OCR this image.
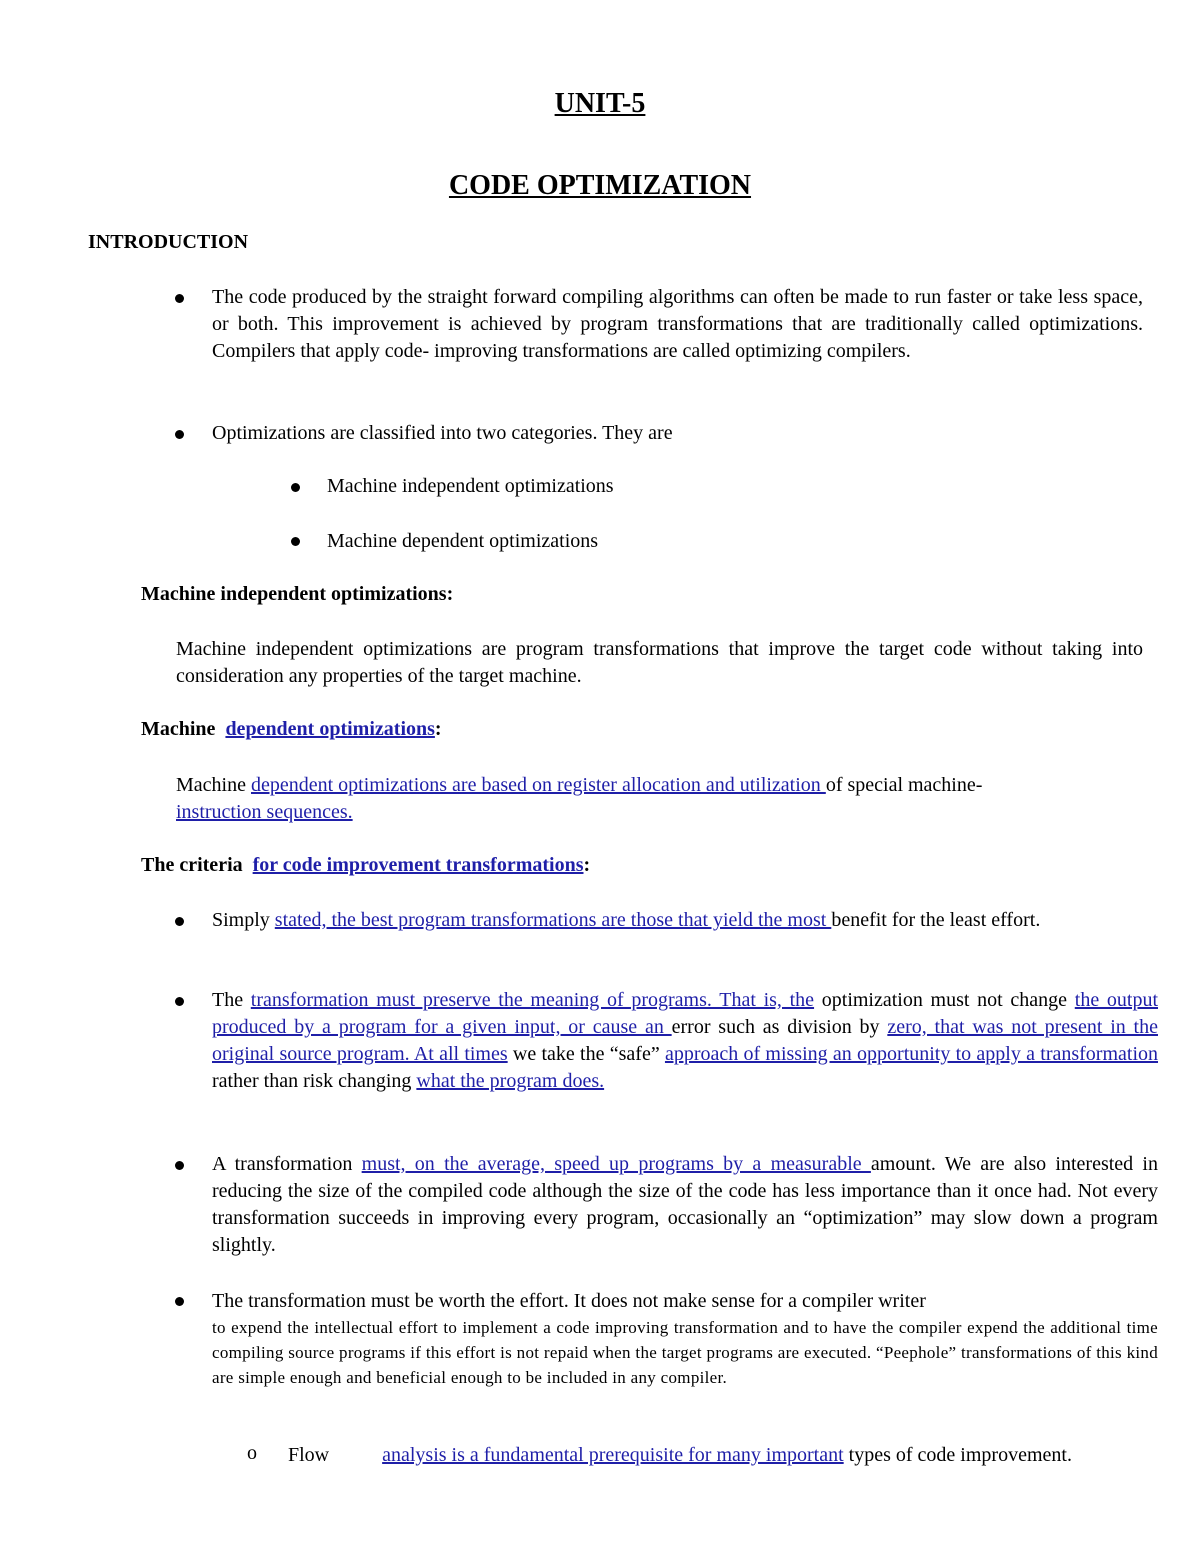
UNIT-5
CODE OPTIMIZATION
INTRODUCTION
The code produced by the straight forward compiling algorithms can often be made to run faster or take less space, or both. This improvement is achieved by program transformations that are traditionally called optimizations. Compilers that apply code- improving transformations are called optimizing compilers.
Optimizations are classified into two categories. They are
Machine independent optimizations
Machine dependent optimizations
Machine independent optimizations:
Machine independent optimizations are program transformations that improve the target code without taking into consideration any properties of the target machine.
Machine  dependent optimizations:
Machine dependent optimizations are based on register allocation and utilization of special machine-
instruction sequences.
The criteria  for code improvement transformations:
Simply stated, the best program transformations are those that yield the most benefit for the least effort.
The transformation must preserve the meaning of programs. That is, the optimization must not change the output produced by a program for a given input, or cause an error such as division by zero, that was not present in the original source program. At all times we take the “safe” approach of missing an opportunity to apply a transformation rather than risk changing what the program does.
A transformation must, on the average, speed up programs by a measurable amount. We are also interested in reducing the size of the compiled code although the size of the code has less importance than it once had. Not every transformation succeeds in improving every program, occasionally an “optimization” may slow down a program slightly.
The transformation must be worth the effort. It does not make sense for a compiler writer
to expend the intellectual effort to implement a code improving transformation and to have the compiler expend the additional time compiling source programs if this effort is not repaid when the target programs are executed. “Peephole” transformations of this kind are simple enough and beneficial enough to be included in any compiler.
o Flow analysis is a fundamental prerequisite for many important types of code improvement.
